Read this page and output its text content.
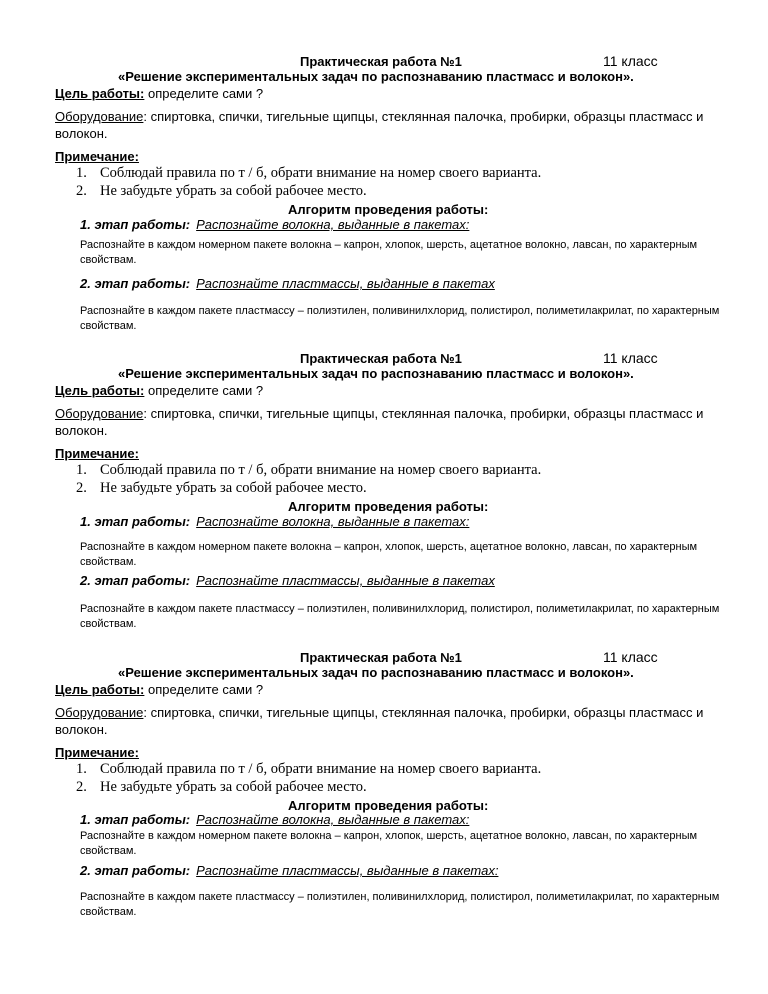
Практическая работа №1	11 класс
«Решение экспериментальных задач по распознаванию пластмасс и волокон».
Цель работы: определите сами ?
Оборудование: спиртовка, спички, тигельные щипцы, стеклянная палочка, пробирки, образцы пластмасс и волокон.
Примечание:
1. Соблюдай правила по т / б, обрати внимание на номер своего варианта.
2. Не забудьте убрать за собой рабочее место.
Алгоритм проведения работы:
1. этап работы: Распознайте волокна, выданные в пакетах:
Распознайте в каждом номерном пакете волокна – капрон, хлопок, шерсть, ацетатное волокно, лавсан, по характерным свойствам.
2. этап работы: Распознайте пластмассы, выданные в пакетах
Распознайте в каждом пакете пластмассу – полиэтилен, поливинилхлорид, полистирол, полиметилакрилат, по характерным свойствам.
Практическая работа №1	11 класс
«Решение экспериментальных задач по распознаванию пластмасс и волокон».
Цель работы: определите сами ?
Оборудование: спиртовка, спички, тигельные щипцы, стеклянная палочка, пробирки, образцы пластмасс и волокон.
Примечание:
1. Соблюдай правила по т / б, обрати внимание на номер своего варианта.
2. Не забудьте убрать за собой рабочее место.
Алгоритм проведения работы:
1. этап работы: Распознайте волокна, выданные в пакетах:
Распознайте в каждом номерном пакете волокна – капрон, хлопок, шерсть, ацетатное волокно, лавсан, по характерным свойствам.
2. этап работы: Распознайте пластмассы, выданные в пакетах
Распознайте в каждом пакете пластмассу – полиэтилен, поливинилхлорид, полистирол, полиметилакрилат, по характерным свойствам.
Практическая работа №1	11 класс
«Решение экспериментальных задач по распознаванию пластмасс и волокон».
Цель работы: определите сами ?
Оборудование: спиртовка, спички, тигельные щипцы, стеклянная палочка, пробирки, образцы пластмасс и волокон.
Примечание:
1. Соблюдай правила по т / б, обрати внимание на номер своего варианта.
2. Не забудьте убрать за собой рабочее место.
Алгоритм проведения работы:
1. этап работы: Распознайте волокна, выданные в пакетах:
Распознайте в каждом номерном пакете волокна – капрон, хлопок, шерсть, ацетатное волокно, лавсан, по характерным свойствам.
2. этап работы: Распознайте пластмассы, выданные в пакетах:
Распознайте в каждом пакете пластмассу – полиэтилен, поливинилхлорид, полистирол, полиметилакрилат, по характерным свойствам.
